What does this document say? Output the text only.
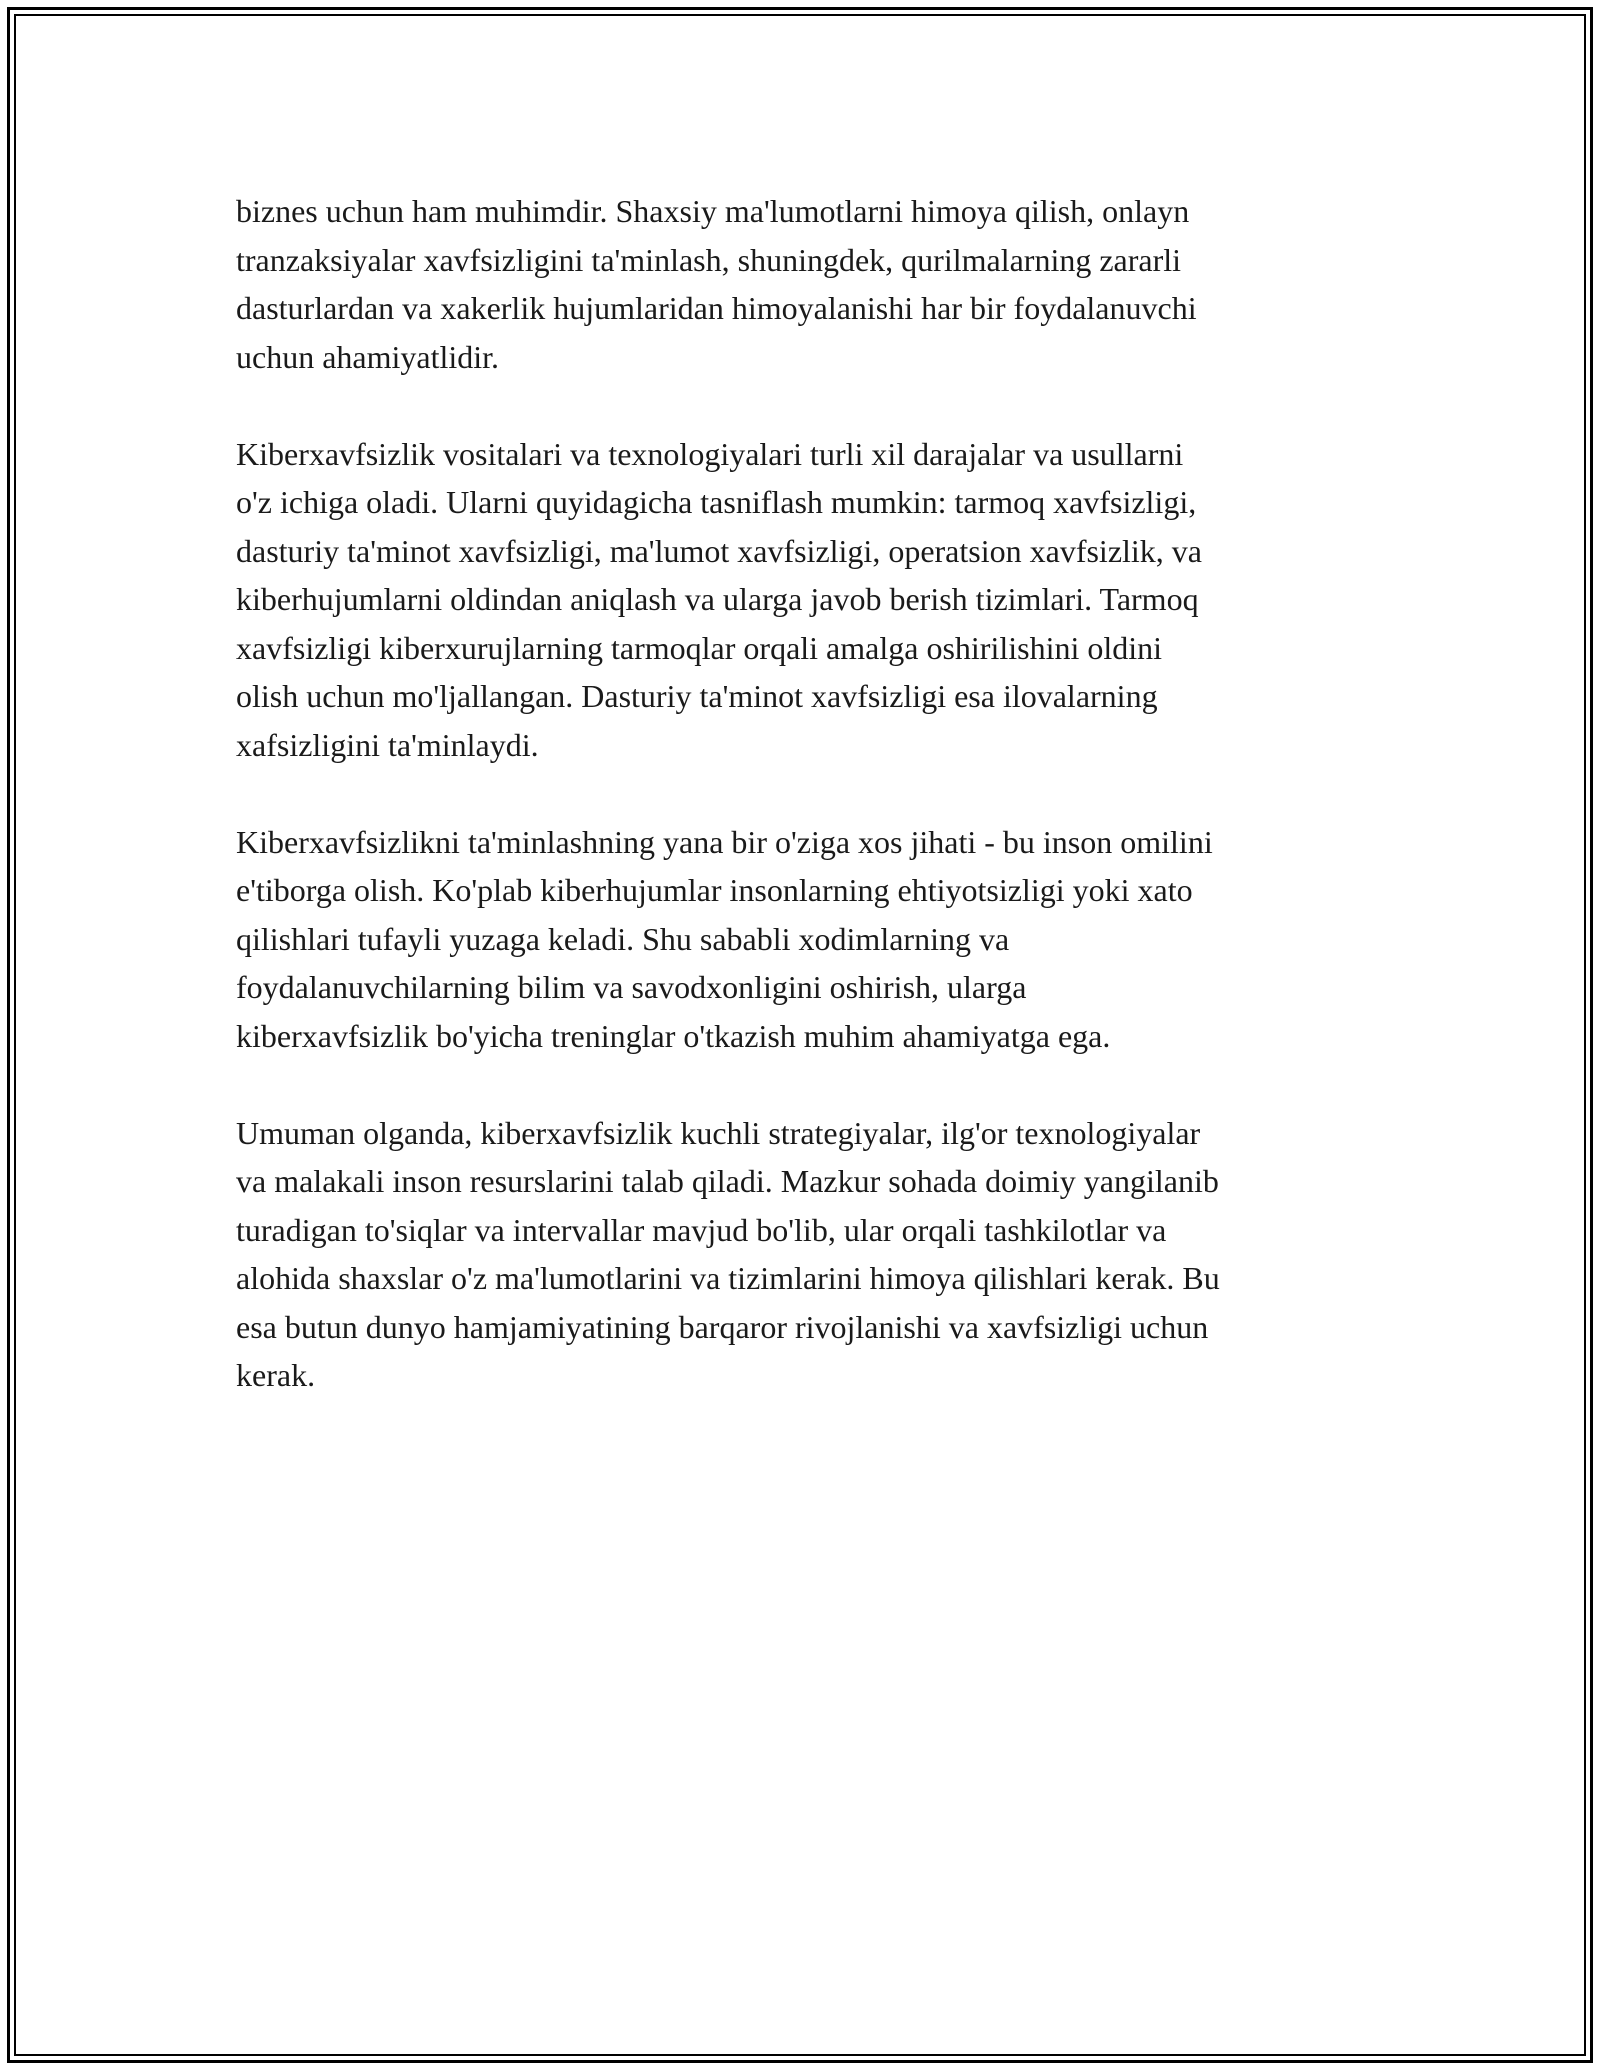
biznes uchun ham muhimdir. Shaxsiy ma'lumotlarni himoya qilish, onlayn
tranzaksiyalar xavfsizligini ta'minlash, shuningdek, qurilmalarning zararli
dasturlardan va xakerlik hujumlaridan himoyalanishi har bir foydalanuvchi
uchun ahamiyatlidir.

Kiberxavfsizlik vositalari va texnologiyalari turli xil darajalar va usullarni
o'z ichiga oladi. Ularni quyidagicha tasniflash mumkin: tarmoq xavfsizligi,
dasturiy ta'minot xavfsizligi, ma'lumot xavfsizligi, operatsion xavfsizlik, va
kiberhujumlarni oldindan aniqlash va ularga javob berish tizimlari. Tarmoq
xavfsizligi kiberxurujlarning tarmoqlar orqali amalga oshirilishini oldini
olish uchun mo'ljallangan. Dasturiy ta'minot xavfsizligi esa ilovalarning
xafsizligini ta'minlaydi.

Kiberxavfsizlikni ta'minlashning yana bir o'ziga xos jihati - bu inson omilini
e'tiborga olish. Ko'plab kiberhujumlar insonlarning ehtiyotsizligi yoki xato
qilishlari tufayli yuzaga keladi. Shu sababli xodimlarning va
foydalanuvchilarning bilim va savodxonligini oshirish, ularga
kiberxavfsizlik bo'yicha treninglar o'tkazish muhim ahamiyatga ega.

Umuman olganda, kiberxavfsizlik kuchli strategiyalar, ilg'or texnologiyalar
va malakali inson resurslarini talab qiladi. Mazkur sohada doimiy yangilanib
turadigan to'siqlar va intervallar mavjud bo'lib, ular orqali tashkilotlar va
alohida shaxslar o'z ma'lumotlarini va tizimlarini himoya qilishlari kerak. Bu
esa butun dunyo hamjamiyatining barqaror rivojlanishi va xavfsizligi uchun
kerak.
